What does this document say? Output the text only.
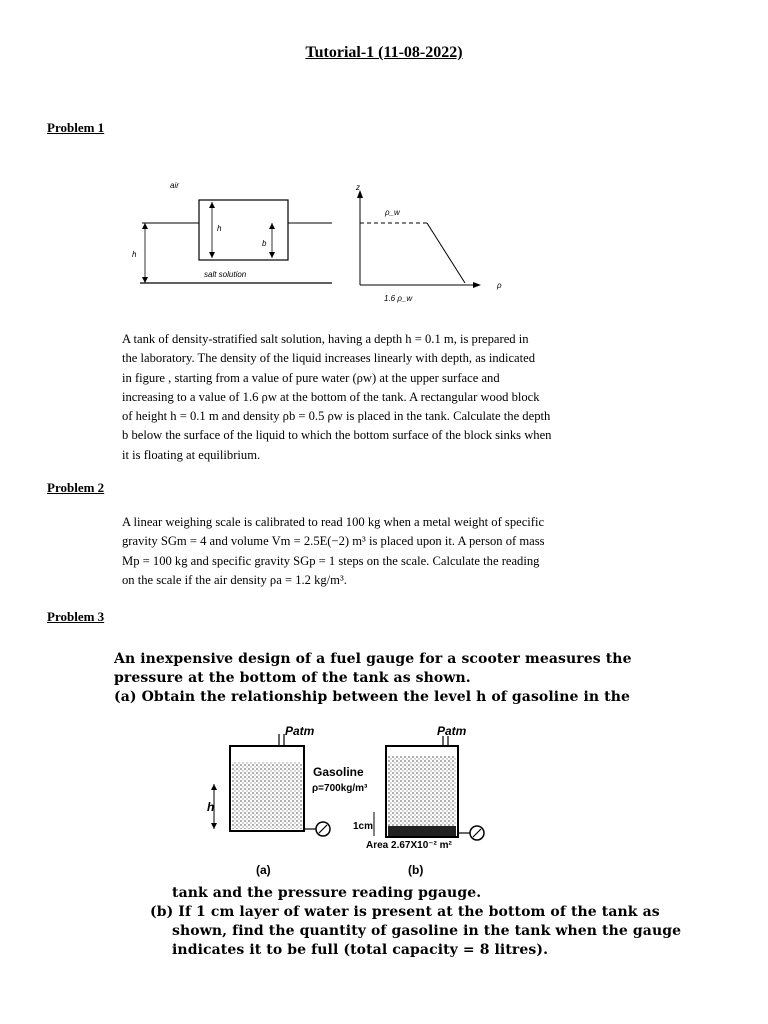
Tutorial-1 (11-08-2022)
Problem 1
air
h
b
h
salt solution
z
ρ
ρ_w
1.6 ρ_w
A tank of density-stratified salt solution, having a depth h = 0.1 m, is prepared in
the laboratory. The density of the liquid increases linearly with depth, as indicated
in figure , starting from a value of pure water (ρw) at the upper surface and
increasing to a value of 1.6 ρw at the bottom of the tank. A rectangular wood block
of height h = 0.1 m and density ρb = 0.5 ρw is placed in the tank. Calculate the depth
b below the surface of the liquid to which the bottom surface of the block sinks when
it is floating at equilibrium.
Problem 2
A linear weighing scale is calibrated to read 100 kg when a metal weight of specific
gravity SGm = 4 and volume Vm = 2.5E(−2) m³ is placed upon it. A person of mass
Mp = 100 kg and specific gravity SGp = 1 steps on the scale. Calculate the reading
on the scale if the air density ρa = 1.2 kg/m³.
Problem 3
An inexpensive design of a fuel gauge for a scooter measures the
pressure at the bottom of the tank as shown.
(a) Obtain the relationship between the level h of gasoline in the
Patm
h
(a)
Patm
1cm
Gasoline
ρ=700kg/m³
Area 2.67X10⁻² m²
(b)
tank and the pressure reading pgauge.
(b) If 1 cm layer of water is present at the bottom of the tank as
shown, find the quantity of gasoline in the tank when the gauge
indicates it to be full (total capacity = 8 litres).
